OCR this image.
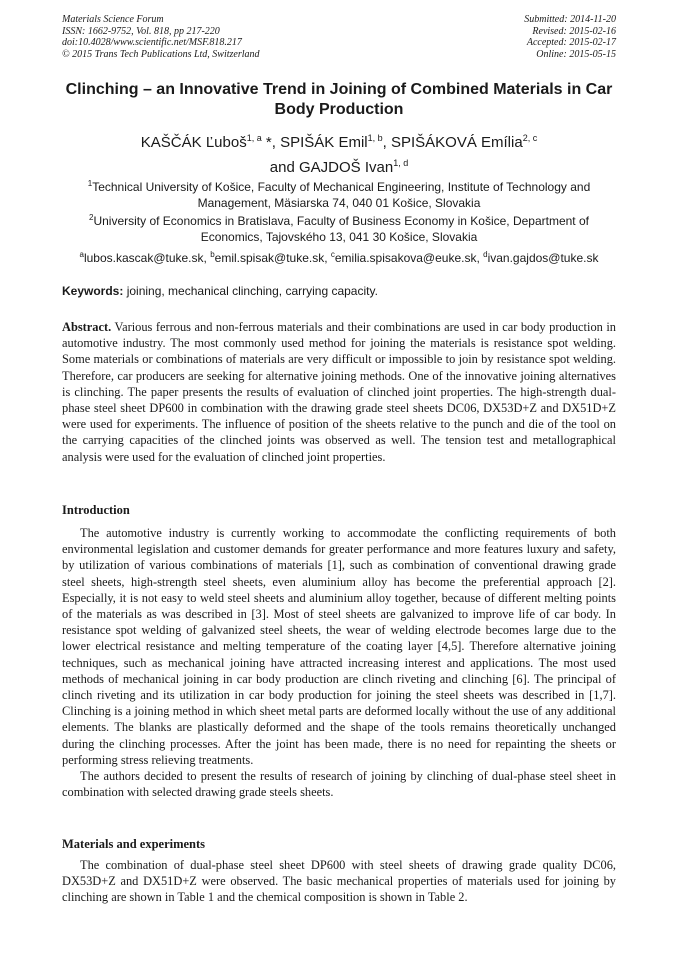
Materials Science Forum
ISSN: 1662-9752, Vol. 818, pp 217-220
doi:10.4028/www.scientific.net/MSF.818.217
© 2015 Trans Tech Publications Ltd, Switzerland
Submitted: 2014-11-20
Revised: 2015-02-16
Accepted: 2015-02-17
Online: 2015-05-15
Clinching – an Innovative Trend in Joining of Combined Materials in Car Body Production
KAŠČÁK Ľuboš$^{1, a}$ *, SPIŠÁK Emil$^{1, b}$, SPIŠÁKOVÁ Emília$^{2, c}$
and GAJDOŠ Ivan$^{1, d}$
$^1$Technical University of Košice, Faculty of Mechanical Engineering, Institute of Technology and Management, Mäsiarska 74, 040 01 Košice, Slovakia
$^2$University of Economics in Bratislava, Faculty of Business Economy in Košice, Department of Economics, Tajovského 13, 041 30 Košice, Slovakia
$^a$lubos.kascak@tuke.sk, $^b$emil.spisak@tuke.sk, $^c$emilia.spisakova@euke.sk, $^d$ivan.gajdos@tuke.sk
Keywords: joining, mechanical clinching, carrying capacity.
Abstract. Various ferrous and non-ferrous materials and their combinations are used in car body production in automotive industry. The most commonly used method for joining the materials is resistance spot welding. Some materials or combinations of materials are very difficult or impossible to join by resistance spot welding. Therefore, car producers are seeking for alternative joining methods. One of the innovative joining alternatives is clinching. The paper presents the results of evaluation of clinched joint properties. The high-strength dual-phase steel sheet DP600 in combination with the drawing grade steel sheets DC06, DX53D+Z and DX51D+Z were used for experiments. The influence of position of the sheets relative to the punch and die of the tool on the carrying capacities of the clinched joints was observed as well. The tension test and metallographical analysis were used for the evaluation of clinched joint properties.
Introduction

The automotive industry is currently working to accommodate the conflicting requirements of both environmental legislation and customer demands for greater performance and more features luxury and safety, by utilization of various combinations of materials [1], such as combination of conventional drawing grade steel sheets, high-strength steel sheets, even aluminium alloy has become the preferential approach [2]. Especially, it is not easy to weld steel sheets and aluminium alloy together, because of different melting points of the materials as was described in [3]. Most of steel sheets are galvanized to improve life of car body. In resistance spot welding of galvanized steel sheets, the wear of welding electrode becomes large due to the lower electrical resistance and melting temperature of the coating layer [4,5]. Therefore alternative joining techniques, such as mechanical joining have attracted increasing interest and applications. The most used methods of mechanical joining in car body production are clinch riveting and clinching [6]. The principal of clinch riveting and its utilization in car body production for joining the steel sheets was described in [1,7]. Clinching is a joining method in which sheet metal parts are deformed locally without the use of any additional elements. The blanks are plastically deformed and the shape of the tools remains theoretically unchanged during the clinching processes. After the joint has been made, there is no need for repainting the sheets or performing stress relieving treatments.

The authors decided to present the results of research of joining by clinching of dual-phase steel sheet in combination with selected drawing grade steels sheets.

Materials and experiments
The combination of dual-phase steel sheet DP600 with steel sheets of drawing grade quality DC06, DX53D+Z and DX51D+Z were observed. The basic mechanical properties of materials used for joining by clinching are shown in Table 1 and the chemical composition is shown in Table 2.
